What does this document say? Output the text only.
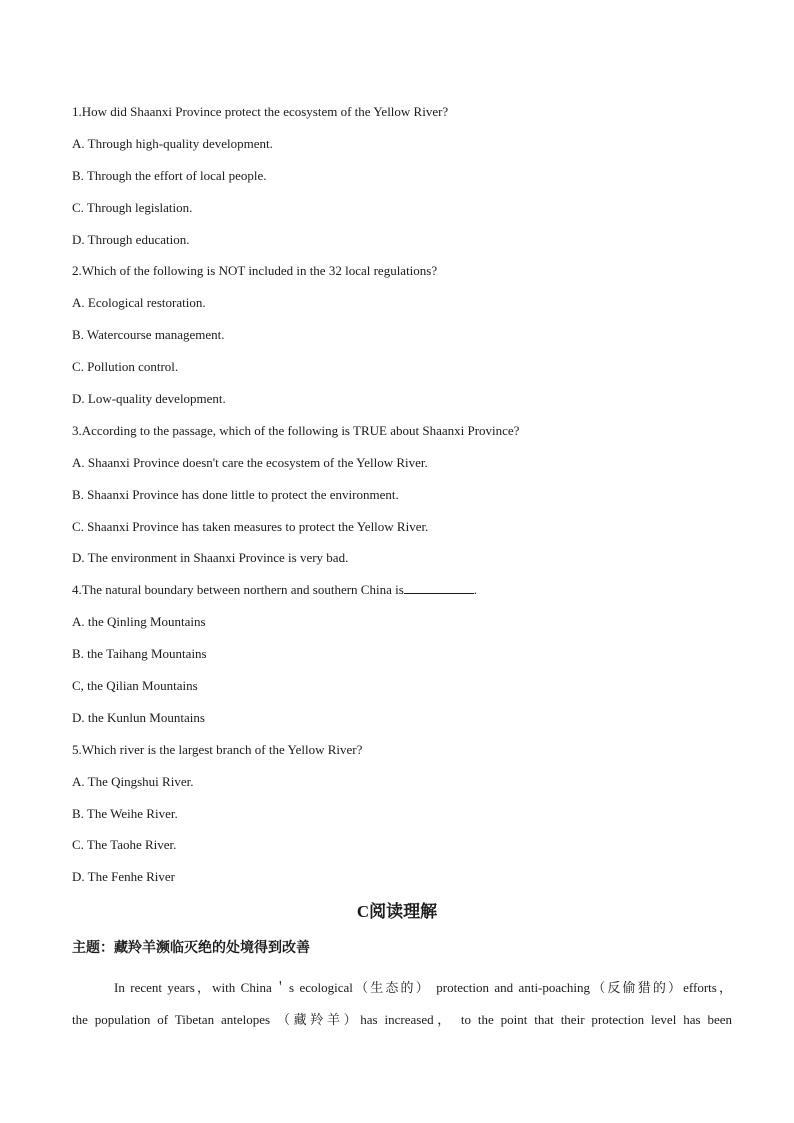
1.How did Shaanxi Province protect the ecosystem of the Yellow River?
A. Through high-quality development.
B. Through the effort of local people.
C. Through legislation.
D. Through education.
2.Which of the following is NOT included in the 32 local regulations?
A. Ecological restoration.
B. Watercourse management.
C. Pollution control.
D. Low-quality development.
3.According to the passage, which of the following is TRUE about Shaanxi Province?
A. Shaanxi Province doesn't care the ecosystem of the Yellow River.
B. Shaanxi Province has done little to protect the environment.
C. Shaanxi Province has taken measures to protect the Yellow River.
D. The environment in Shaanxi Province is very bad.
4.The natural boundary between northern and southern China is	.
A. the Qinling Mountains
B. the Taihang Mountains
C, the Qilian Mountains
D. the Kunlun Mountains
5.Which river is the largest branch of the Yellow River?
A. The Qingshui River.
B. The Weihe River.
C. The Taohe River.
D. The Fenhe River
C阅读理解
主题：藏羚羊濒临灭绝的处境得到改善

In recent years，with China＇s ecological（生态的） protection and anti-poaching（反偷猎的）efforts，

the population of Tibetan antelopes （藏羚羊）has increased， to the point that their protection level has been
